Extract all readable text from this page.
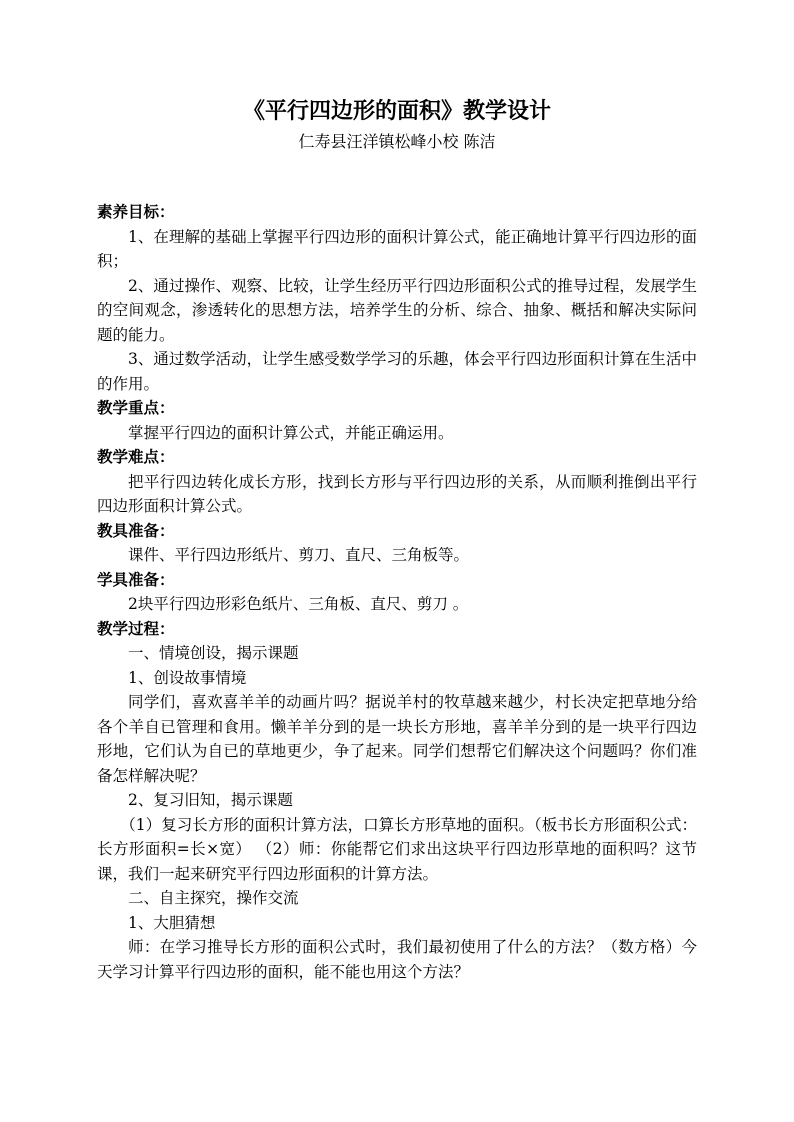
《平行四边形的面积》教学设计
仁寿县汪洋镇松峰小校 陈洁
素养目标：
1、在理解的基础上掌握平行四边形的面积计算公式，能正确地计算平行四边形的面积；
2、通过操作、观察、比较，让学生经历平行四边形面积公式的推导过程，发展学生的空间观念，渗透转化的思想方法，培养学生的分析、综合、抽象、概括和解决实际问题的能力。
3、通过数学活动，让学生感受数学学习的乐趣，体会平行四边形面积计算在生活中的作用。
教学重点：
掌握平行四边的面积计算公式，并能正确运用。
教学难点：
把平行四边转化成长方形，找到长方形与平行四边形的关系，从而顺利推倒出平行四边形面积计算公式。
教具准备：
课件、平行四边形纸片、剪刀、直尺、三角板等。
学具准备：
2块平行四边形彩色纸片、三角板、直尺、剪刀 。
教学过程：
一、情境创设，揭示课题
1、创设故事情境
同学们，喜欢喜羊羊的动画片吗？据说羊村的牧草越来越少，村长决定把草地分给各个羊自已管理和食用。懒羊羊分到的是一块长方形地，喜羊羊分到的是一块平行四边形地，它们认为自已的草地更少，争了起来。同学们想帮它们解决这个问题吗？你们准备怎样解决呢？
2、复习旧知，揭示课题
（1）复习长方形的面积计算方法，口算长方形草地的面积。（板书长方形面积公式：长方形面积=长×宽） （2）师：你能帮它们求出这块平行四边形草地的面积吗？这节课，我们一起来研究平行四边形面积的计算方法。
二、自主探究，操作交流
1、大胆猜想
师：在学习推导长方形的面积公式时，我们最初使用了什么的方法？（数方格）今天学习计算平行四边形的面积，能不能也用这个方法？
